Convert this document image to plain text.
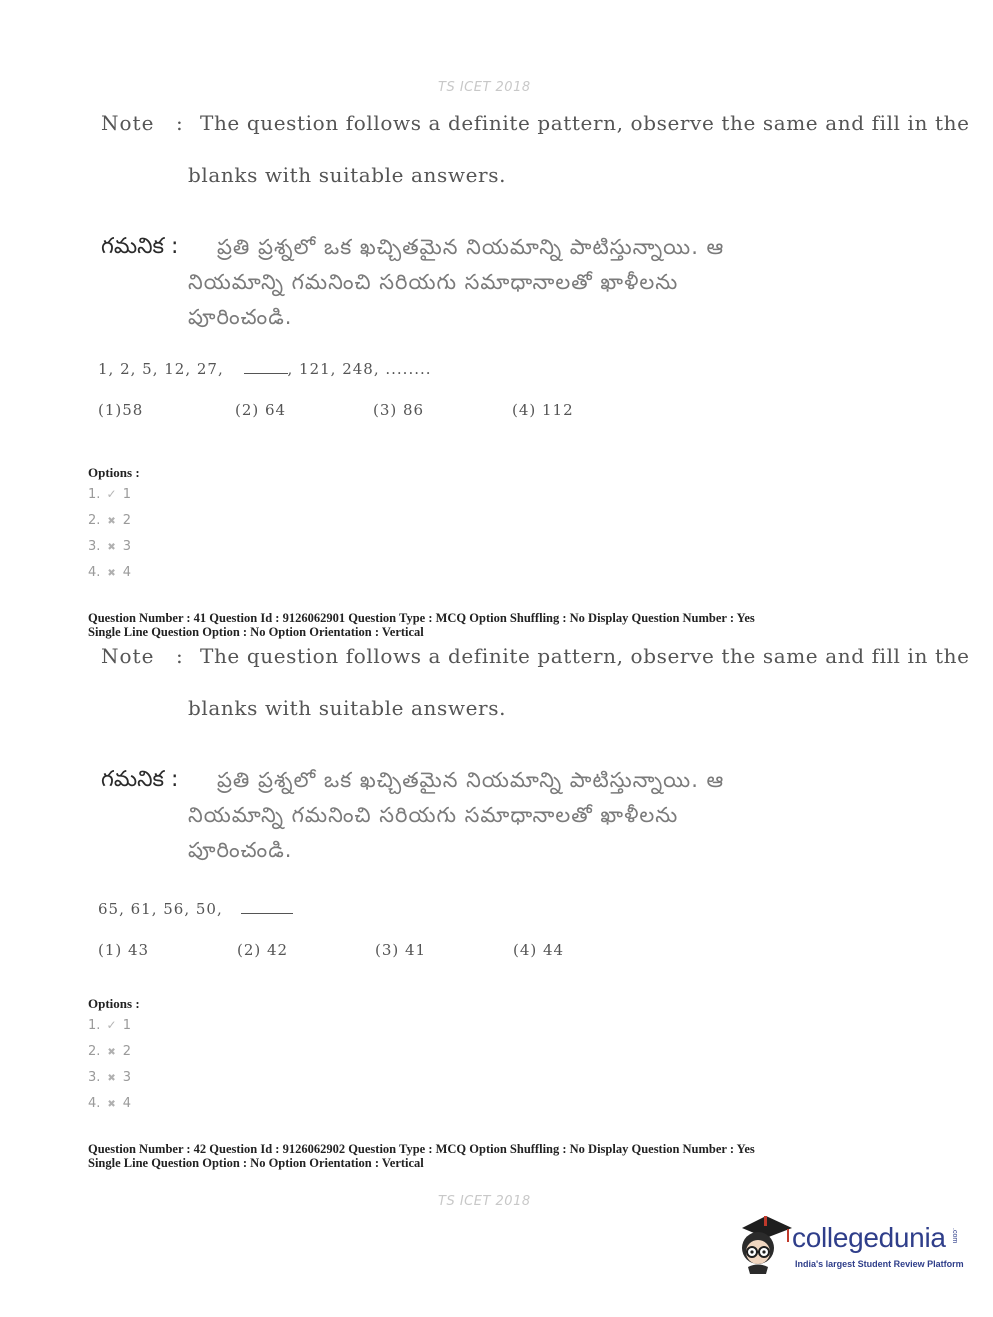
TS ICET 2018
Note : The question follows a definite pattern, observe the same and fill in the
blanks with suitable answers.
గమనిక : ప్రతి ప్రశ్నలో ఒక ఖచ్చితమైన నియమాన్ని పాటిస్తున్నాయి. ఆ
నియమాన్ని గమనించి సరియగు సమాధానాలతో ఖాళీలను
పూరించండి.
1, 2, 5, 12, 27,	, 121, 248, ........
(1)58	(2) 64	(3) 86	(4) 112
Options :
1. ✓ 1
2. ✖ 2
3. ✖ 3
4. ✖ 4
Question Number : 41 Question Id : 9126062901 Question Type : MCQ Option Shuffling : No Display Question Number : Yes
Single Line Question Option : No Option Orientation : Vertical
Note : The question follows a definite pattern, observe the same and fill in the
blanks with suitable answers.
గమనిక : ప్రతి ప్రశ్నలో ఒక ఖచ్చితమైన నియమాన్ని పాటిస్తున్నాయి. ఆ
నియమాన్ని గమనించి సరియగు సమాధానాలతో ఖాళీలను
పూరించండి.
65, 61, 56, 50,
(1) 43	(2) 42	(3) 41	(4) 44
Options :
1. ✓ 1
2. ✖ 2
3. ✖ 3
4. ✖ 4
Question Number : 42 Question Id : 9126062902 Question Type : MCQ Option Shuffling : No Display Question Number : Yes
Single Line Question Option : No Option Orientation : Vertical
TS ICET 2018
collegedunia .com
India's largest Student Review Platform
